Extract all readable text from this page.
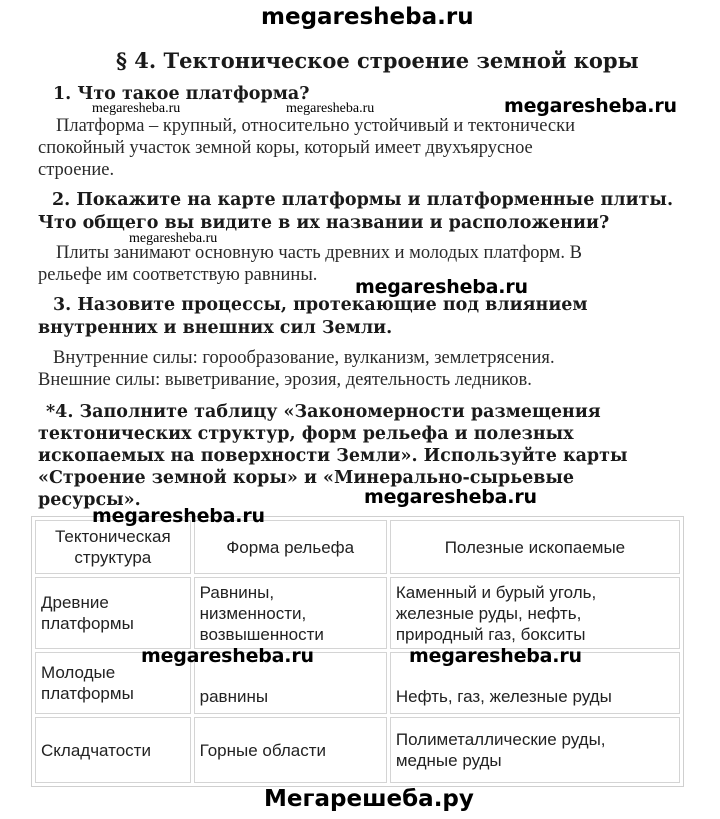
megaresheba.ru
§ 4. Тектоническое строение земной коры
1. Что такое платформа?
megaresheba.ru	megaresheba.ru	megaresheba.ru
Платформа – крупный, относительно устойчивый и тектонически
спокойный участок земной коры, который имеет двухъярусное
строение.
2. Покажите на карте платформы и платформенные плиты.
Что общего вы видите в их названии и расположении?
megaresheba.ru
Плиты занимают основную часть древних и молодых платформ. В
рельефе им соответствую равнины.
megaresheba.ru
3. Назовите процессы, протекающие под влиянием
внутренних и внешних сил Земли.
Внутренние силы: горообразование, вулканизм, землетрясения.
Внешние силы: выветривание, эрозия, деятельность ледников.
*4. Заполните таблицу «Закономерности размещения
тектонических структур, форм рельефа и полезных
ископаемых на поверхности Земли». Используйте карты
«Строение земной коры» и «Минерально-сырьевые
ресурсы».	megaresheba.ru
Тектоническая
структура	Форма рельефа	Полезные ископаемые
Древние
платформы	Равнины,
низменности,
возвышенности	Каменный и бурый уголь,
железные руды, нефть,
природный газ, бокситы
Молодые
платформы	равнины	Нефть, газ, железные руды
Складчатости	Горные области	Полиметаллические руды,
медные руды
megaresheba.ru
megaresheba.ru	megaresheba.ru
Мегарешеба.ру
